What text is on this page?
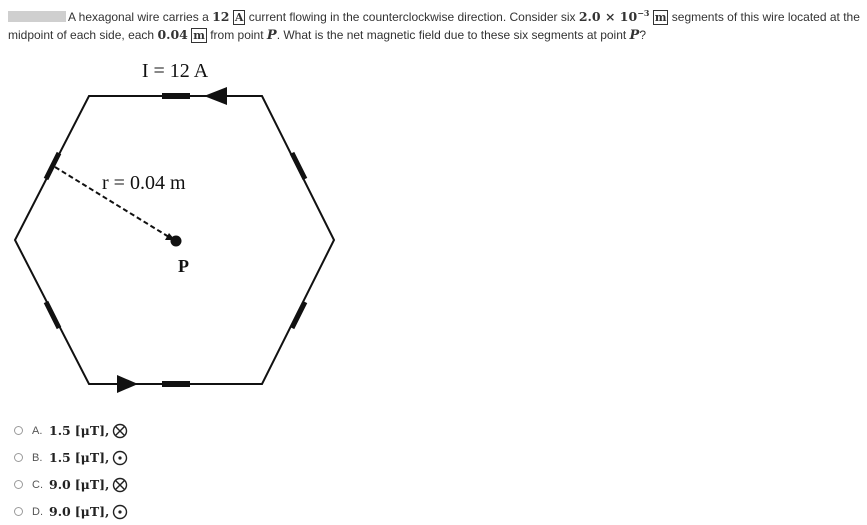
A hexagonal wire carries a 12 A current flowing in the counterclockwise direction. Consider six $2.0 \times 10^{-3}$ m segments of this wire located at the midpoint of each side, each 0.04 m from point P. What is the net magnetic field due to these six segments at point P?
I = 12 A
r = 0.04 m
P
A. 1.5 [μT],
B. 1.5 [μT],
C. 9.0 [μT],
D. 9.0 [μT],
